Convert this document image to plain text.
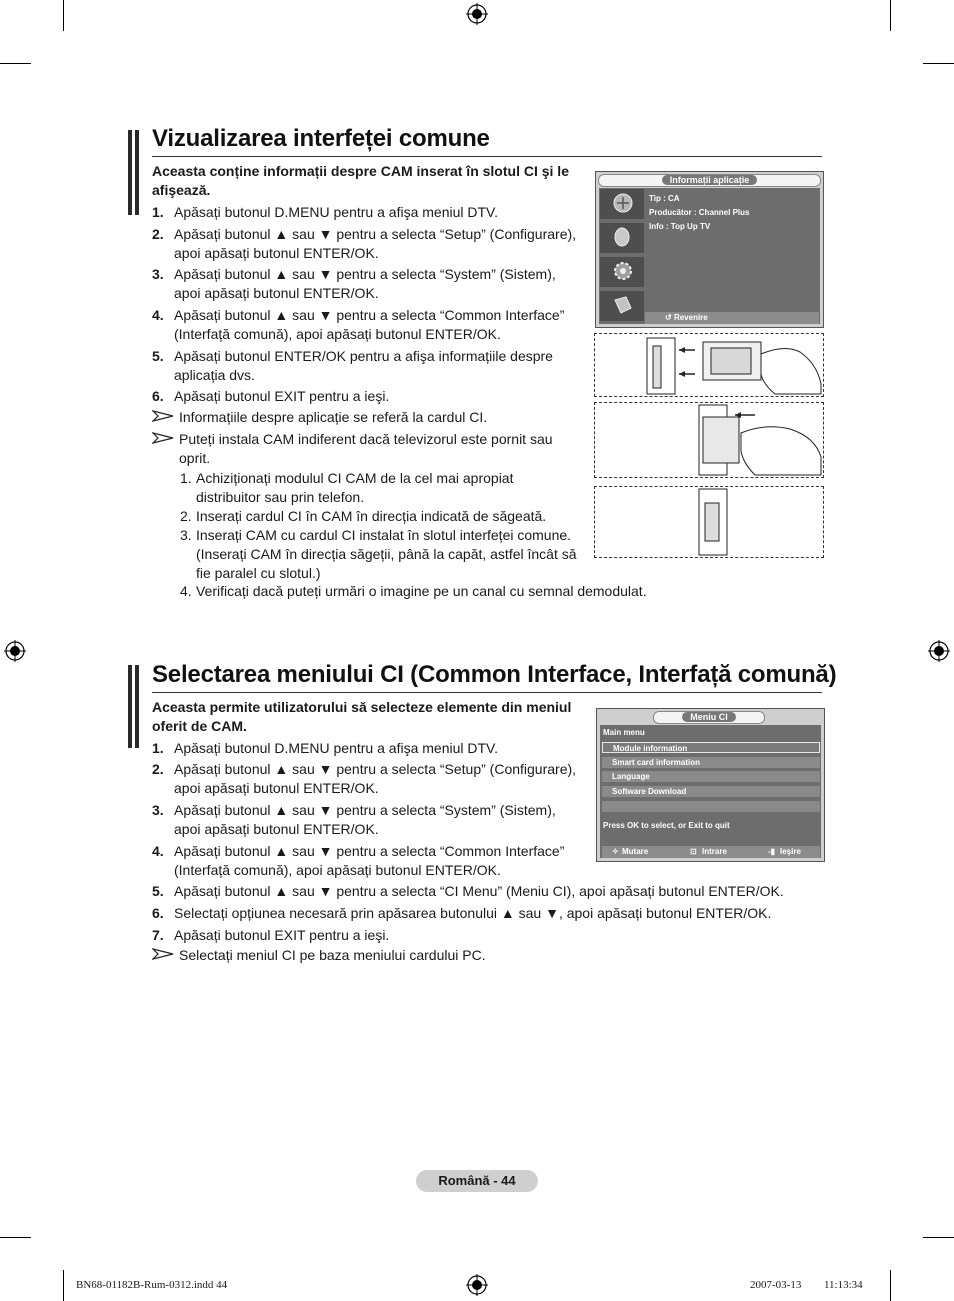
Vizualizarea interfeței comune
Aceasta conține informații despre CAM inserat în slotul CI şi le
afişează.
1. Apăsați butonul D.MENU pentru a afişa meniul DTV.
2. Apăsați butonul ▲ sau ▼ pentru a selecta “Setup” (Configurare),
apoi apăsați butonul ENTER/OK.
3. Apăsați butonul ▲ sau ▼ pentru a selecta “System” (Sistem),
apoi apăsați butonul ENTER/OK.
4. Apăsați butonul ▲ sau ▼ pentru a selecta “Common Interface”
(Interfață comună), apoi apăsați butonul ENTER/OK.
5. Apăsați butonul ENTER/OK pentru a afişa informațiile despre
aplicația dvs.
6. Apăsați butonul EXIT pentru a ieşi.
Informațiile despre aplicație se referă la cardul CI.
Puteți instala CAM indiferent dacă televizorul este pornit sau
oprit.
1. Achiziționați modulul CI CAM de la cel mai apropiat
distribuitor sau prin telefon.
2. Inserați cardul CI în CAM în direcția indicată de săgeată.
3. Inserați CAM cu cardul CI instalat în slotul interfeței comune.
(Inserați CAM în direcția săgeții, până la capăt, astfel încât să
fie paralel cu slotul.)
4. Verificați dacă puteți urmări o imagine pe un canal cu semnal demodulat.
Informații aplicație
Tip : CA
Producător : Channel Plus
Info : Top Up TV
↺ Revenire
Selectarea meniului CI (Common Interface, Interfață comună)
Aceasta permite utilizatorului să selecteze elemente din meniul
oferit de CAM.
1. Apăsați butonul D.MENU pentru a afişa meniul DTV.
2. Apăsați butonul ▲ sau ▼ pentru a selecta “Setup” (Configurare),
apoi apăsați butonul ENTER/OK.
3. Apăsați butonul ▲ sau ▼ pentru a selecta “System” (Sistem),
apoi apăsați butonul ENTER/OK.
4. Apăsați butonul ▲ sau ▼ pentru a selecta “Common Interface”
(Interfață comună), apoi apăsați butonul ENTER/OK.
5. Apăsați butonul ▲ sau ▼ pentru a selecta “CI Menu” (Meniu CI), apoi apăsați butonul ENTER/OK.
6. Selectați opțiunea necesară prin apăsarea butonului ▲ sau ▼, apoi apăsați butonul ENTER/OK.
7. Apăsați butonul EXIT pentru a ieşi.
Selectați meniul CI pe baza meniului cardului PC.
Meniu CI
Main menu
Module information
Smart card information
Language
Software Download
Press OK to select, or Exit to quit
✧ Mutare	⊡ Intrare	-▮ Ieşire
Română - 44
BN68-01182B-Rum-0312.indd 44	2007-03-13 ￿￿ 11:13:34
